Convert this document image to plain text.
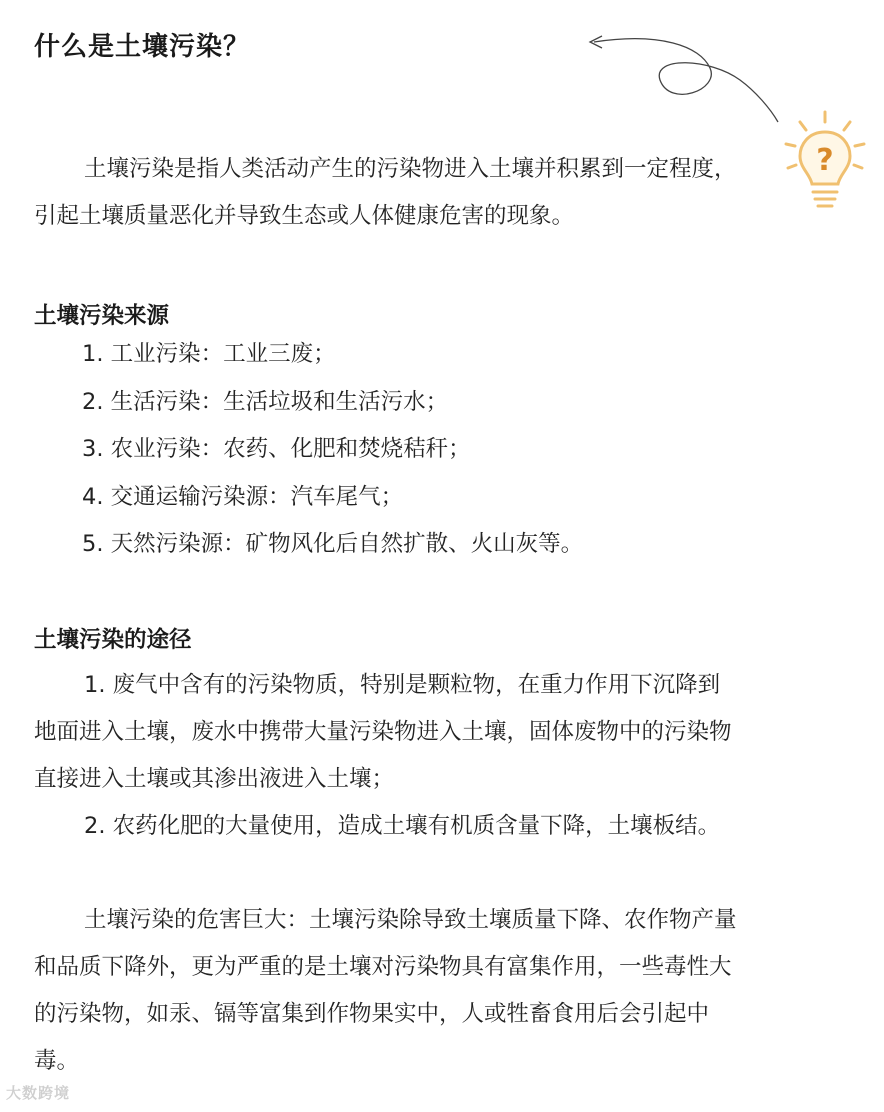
什么是土壤污染？
?

土壤污染是指人类活动产生的污染物进入土壤并积累到一定程度，引起土壤质量恶化并导致生态或人体健康危害的现象。

土壤污染来源
1. 工业污染：工业三废；
2. 生活污染：生活垃圾和生活污水；
3. 农业污染：农药、化肥和焚烧秸秆；
4. 交通运输污染源：汽车尾气；
5. 天然污染源：矿物风化后自然扩散、火山灰等。
土壤污染的途径

1. 废气中含有的污染物质，特别是颗粒物，在重力作用下沉降到地面进入土壤，废水中携带大量污染物进入土壤，固体废物中的污染物直接进入土壤或其渗出液进入土壤；

2. 农药化肥的大量使用，造成土壤有机质含量下降，土壤板结。

土壤污染的危害巨大：土壤污染除导致土壤质量下降、农作物产量和品质下降外，更为严重的是土壤对污染物具有富集作用，一些毒性大的污染物，如汞、镉等富集到作物果实中，人或牲畜食用后会引起中毒。

大数跨境
